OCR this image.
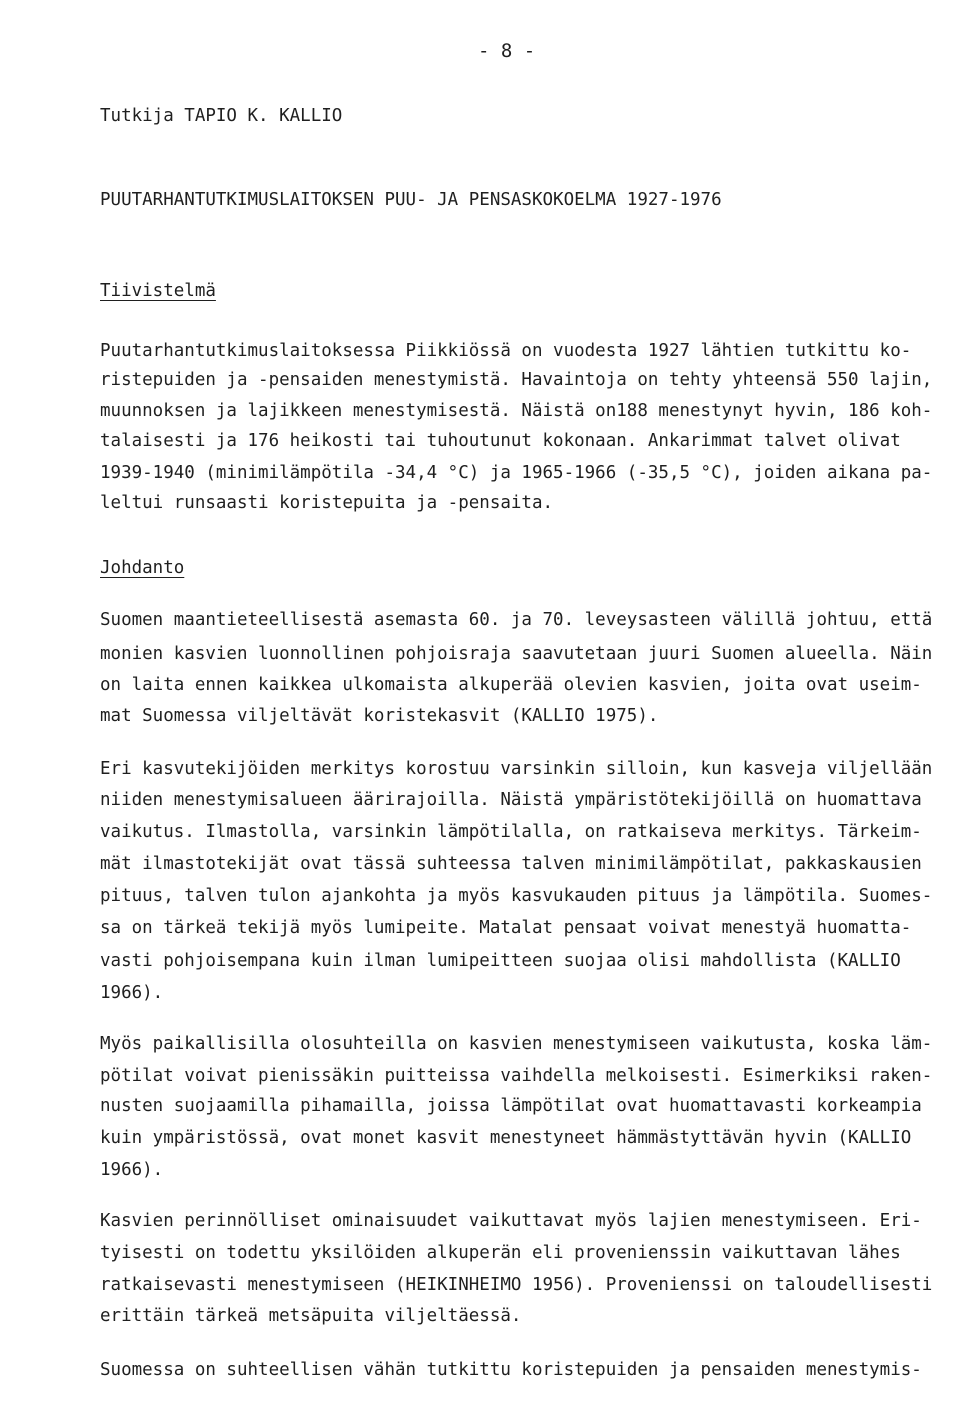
- 8 -
Tutkija TAPIO K. KALLIO
PUUTARHANTUTKIMUSLAITOKSEN PUU- JA PENSASKOKOELMA 1927-1976
Tiivistelmä
Puutarhantutkimuslaitoksessa Piikkiössä on vuodesta 1927 lähtien tutkittu ko-
ristepuiden ja -pensaiden menestymistä. Havaintoja on tehty yhteensä 550 lajin,
muunnoksen ja lajikkeen menestymisestä. Näistä on188 menestynyt hyvin, 186 koh-
talaisesti ja 176 heikosti tai tuhoutunut kokonaan. Ankarimmat talvet olivat
1939-1940 (minimilämpötila -34,4 °C) ja 1965-1966 (-35,5 °C), joiden aikana pa-
leltui runsaasti koristepuita ja -pensaita.
Johdanto
Suomen maantieteellisestä asemasta 60. ja 70. leveysasteen välillä johtuu, että
monien kasvien luonnollinen pohjoisraja saavutetaan juuri Suomen alueella. Näin
on laita ennen kaikkea ulkomaista alkuperää olevien kasvien, joita ovat useim-
mat Suomessa viljeltävät koristekasvit (KALLIO 1975).
Eri kasvutekijöiden merkitys korostuu varsinkin silloin, kun kasveja viljellään
niiden menestymisalueen äärirajoilla. Näistä ympäristötekijöillä on huomattava
vaikutus. Ilmastolla, varsinkin lämpötilalla, on ratkaiseva merkitys. Tärkeim-
mät ilmastotekijät ovat tässä suhteessa talven minimilämpötilat, pakkaskausien
pituus, talven tulon ajankohta ja myös kasvukauden pituus ja lämpötila. Suomes-
sa on tärkeä tekijä myös lumipeite. Matalat pensaat voivat menestyä huomatta-
vasti pohjoisempana kuin ilman lumipeitteen suojaa olisi mahdollista (KALLIO
1966).
Myös paikallisilla olosuhteilla on kasvien menestymiseen vaikutusta, koska läm-
pötilat voivat pienissäkin puitteissa vaihdella melkoisesti. Esimerkiksi raken-
nusten suojaamilla pihamailla, joissa lämpötilat ovat huomattavasti korkeampia
kuin ympäristössä, ovat monet kasvit menestyneet hämmästyttävän hyvin (KALLIO
1966).
Kasvien perinnölliset ominaisuudet vaikuttavat myös lajien menestymiseen. Eri-
tyisesti on todettu yksilöiden alkuperän eli provenienssin vaikuttavan lähes
ratkaisevasti menestymiseen (HEIKINHEIMO 1956). Provenienssi on taloudellisesti
erittäin tärkeä metsäpuita viljeltäessä.
Suomessa on suhteellisen vähän tutkittu koristepuiden ja pensaiden menestymis-
